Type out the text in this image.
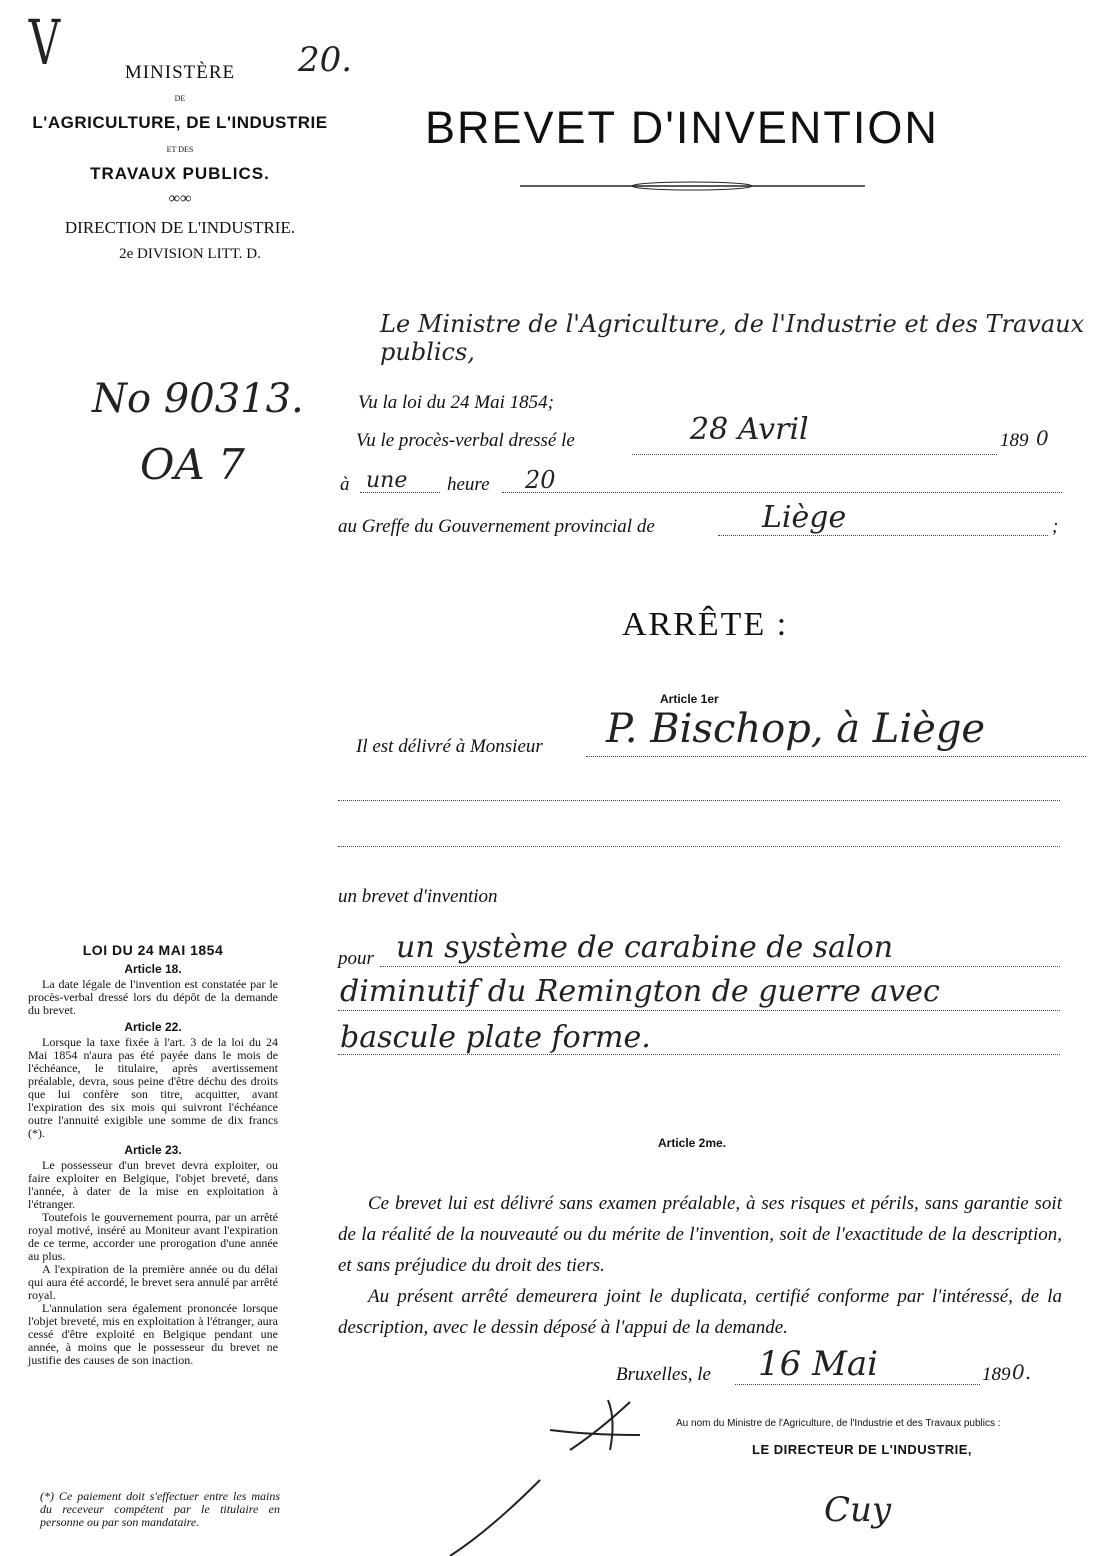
V	20.
MINISTÈRE
DE
L'AGRICULTURE, DE L'INDUSTRIE
ET DES
TRAVAUX PUBLICS.
∞∞
DIRECTION DE L'INDUSTRIE.
2e DIVISION LITT. D.
No 90313.
OA 7
BREVET D'INVENTION
Le Ministre de l'Agriculture, de l'Industrie et des Travaux publics,
Vu la loi du 24 Mai 1854;
Vu le procès-verbal dressé le	28 Avril	189 0
à une heure 20
au Greffe du Gouvernement provincial de	Liège	;
ARRÊTE :
Article 1er
Il est délivré à Monsieur P. Bischop, à Liège
un brevet d'invention
pour un système de carabine de salon
diminutif du Remington de guerre avec
bascule plate forme.
Article 2me.
Ce brevet lui est délivré sans examen préalable, à ses risques et périls, sans garantie soit de la réalité de la nouveauté ou du mérite de l'invention, soit de l'exactitude de la description, et sans préjudice du droit des tiers.
Au présent arrêté demeurera joint le duplicata, certifié conforme par l'intéressé, de la description, avec le dessin déposé à l'appui de la demande.
Bruxelles, le 16 Mai	189 0.
Au nom du Ministre de l'Agriculture, de l'Industrie et des Travaux publics :
LE DIRECTEUR DE L'INDUSTRIE,
Cuy
LOI DU 24 MAI 1854
Article 18.

La date légale de l'invention est constatée par le procès-verbal dressé lors du dépôt de la demande du brevet.

Article 22.

Lorsque la taxe fixée à l'art. 3 de la loi du 24 Mai 1854 n'aura pas été payée dans le mois de l'échéance, le titulaire, après avertissement préalable, devra, sous peine d'être déchu des droits que lui confère son titre, acquitter, avant l'expiration des six mois qui suivront l'échéance outre l'annuité exigible une somme de dix francs (*).

Article 23.

Le possesseur d'un brevet devra exploiter, ou faire exploiter en Belgique, l'objet breveté, dans l'année, à dater de la mise en exploitation à l'étranger.

Toutefois le gouvernement pourra, par un arrêté royal motivé, inséré au Moniteur avant l'expiration de ce terme, accorder une prorogation d'une année au plus.

A l'expiration de la première année ou du délai qui aura été accordé, le brevet sera annulé par arrêté royal.

L'annulation sera également prononcée lorsque l'objet breveté, mis en exploitation à l'étranger, aura cessé d'être exploité en Belgique pendant une année, à moins que le possesseur du brevet ne justifie des causes de son inaction.

(*) Ce paiement doit s'effectuer entre les mains du receveur compétent par le titulaire en personne ou par son mandataire.
